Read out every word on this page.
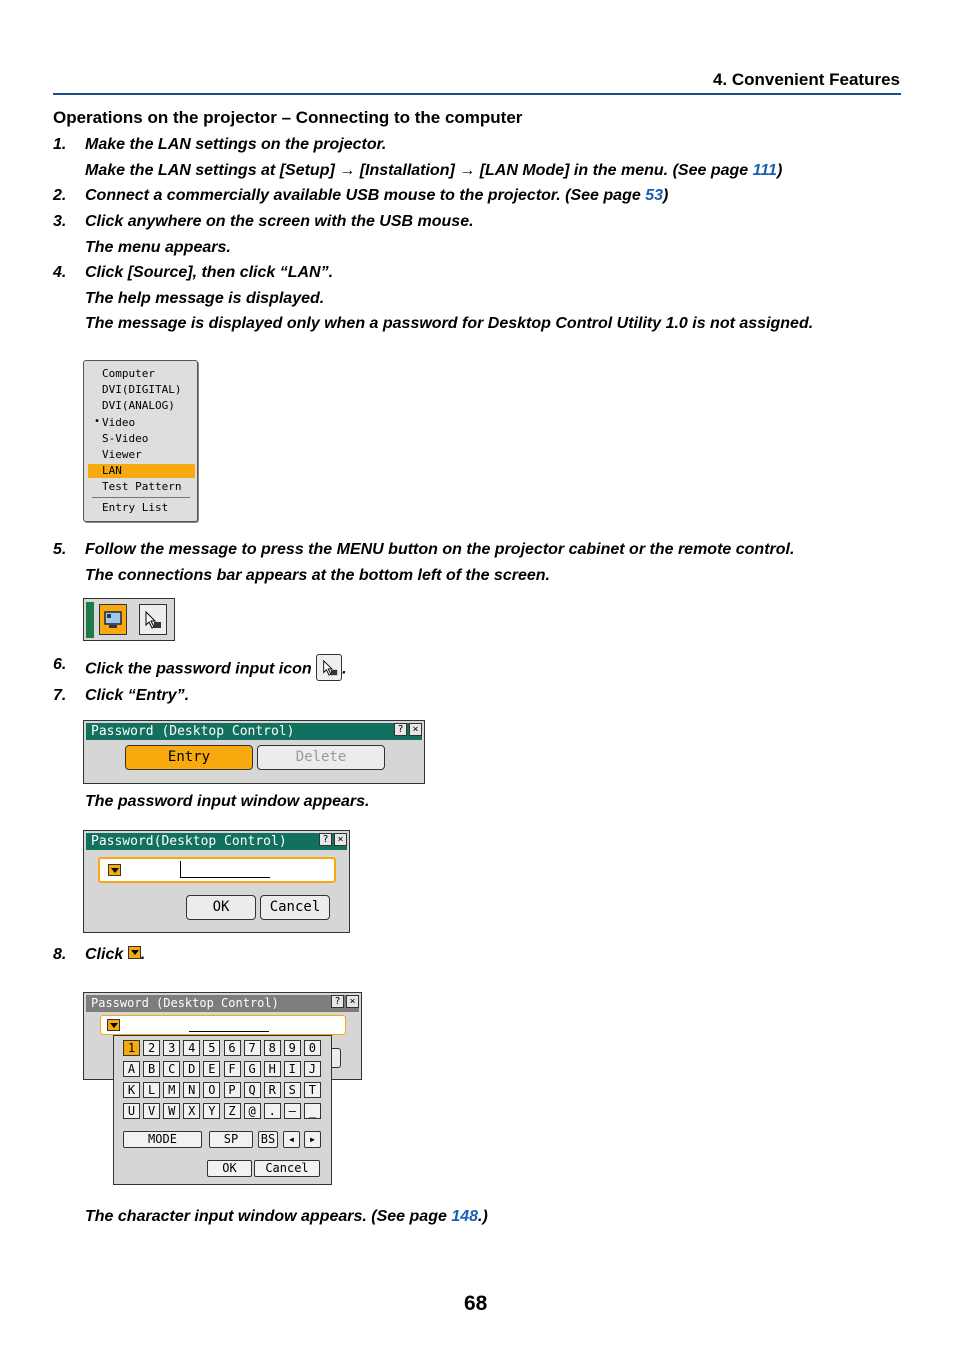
4. Convenient Features
Operations on the projector – Connecting to the computer
1. Make the LAN settings on the projector.
Make the LAN settings at [Setup] → [Installation] → [LAN Mode] in the menu. (See page 111)
2. Connect a commercially available USB mouse to the projector. (See page 53)
3. Click anywhere on the screen with the USB mouse.
The menu appears.
4. Click [Source], then click “LAN”.
The help message is displayed.
The message is displayed only when a password for Desktop Control Utility 1.0 is not assigned.
Computer
DVI(DIGITAL)
DVI(ANALOG)
• Video
S-Video
Viewer
LAN
Test Pattern
Entry List
5. Follow the message to press the MENU button on the projector cabinet or the remote control.
The connections bar appears at the bottom left of the screen.
6. Click the password input icon
.
7. Click “Entry”.
Password (Desktop Control)	? ×
Entry	Delete
The password input window appears.
Password(Desktop Control)	? ×
OK	Cancel
8. Click .
Password (Desktop Control)	? ×
1	2	3	4	5	6	7	8	9	0
A	B	C	D	E	F	G	H	I	J
K	L	M	N	O	P	Q	R	S	T
U	V	W	X	Y	Z	@	.	–	_
MODE	SP	BS	◂	▸
OK	Cancel
The character input window appears. (See page 148.)
68
